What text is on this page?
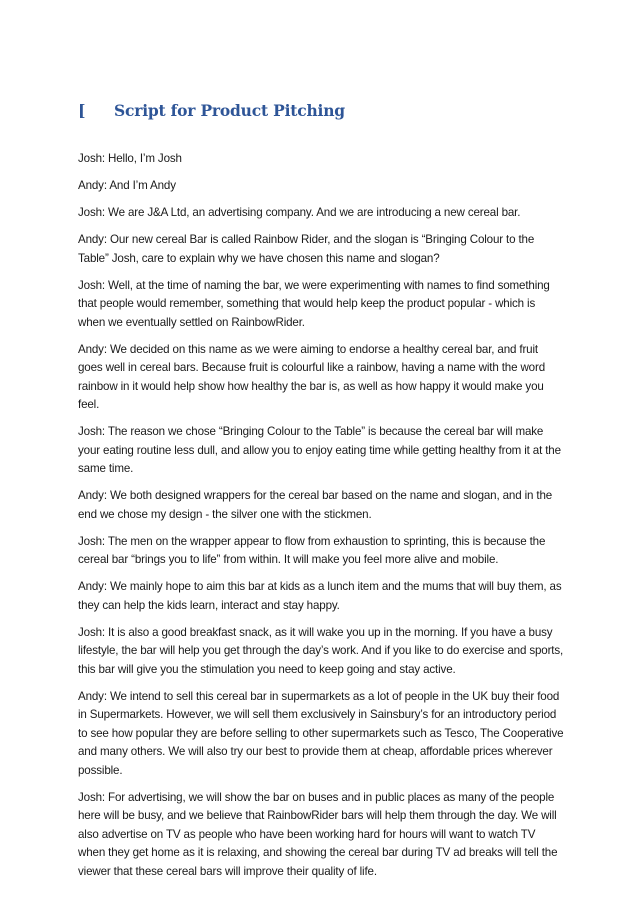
[	Script for Product Pitching

Josh: Hello, I’m Josh

Andy: And I’m Andy

Josh: We are J&A Ltd, an advertising company. And we are introducing a new cereal bar.

Andy: Our new cereal Bar is called Rainbow Rider, and the slogan is “Bringing Colour to the Table” Josh, care to explain why we have chosen this name and slogan?

Josh: Well, at the time of naming the bar, we were experimenting with names to find something that people would remember, something that would help keep the product popular - which is when we eventually settled on RainbowRider.

Andy: We decided on this name as we were aiming to endorse a healthy cereal bar, and fruit goes well in cereal bars. Because fruit is colourful like a rainbow, having a name with the word rainbow in it would help show how healthy the bar is, as well as how happy it would make you feel.

Josh: The reason we chose “Bringing Colour to the Table” is because the cereal bar will make your eating routine less dull, and allow you to enjoy eating time while getting healthy from it at the same time.

Andy: We both designed wrappers for the cereal bar based on the name and slogan, and in the end we chose my design - the silver one with the stickmen.

Josh: The men on the wrapper appear to flow from exhaustion to sprinting, this is because the cereal bar “brings you to life” from within. It will make you feel more alive and mobile.

Andy: We mainly hope to aim this bar at kids as a lunch item and the mums that will buy them, as they can help the kids learn, interact and stay happy.

Josh: It is also a good breakfast snack, as it will wake you up in the morning. If you have a busy lifestyle, the bar will help you get through the day’s work. And if you like to do exercise and sports, this bar will give you the stimulation you need to keep going and stay active.

Andy: We intend to sell this cereal bar in supermarkets as a lot of people in the UK buy their food in Supermarkets. However, we will sell them exclusively in Sainsbury’s for an introductory period to see how popular they are before selling to other supermarkets such as Tesco, The Cooperative and many others. We will also try our best to provide them at cheap, affordable prices wherever possible.

Josh: For advertising, we will show the bar on buses and in public places as many of the people here will be busy, and we believe that RainbowRider bars will help them through the day. We will also advertise on TV as people who have been working hard for hours will want to watch TV when they get home as it is relaxing, and showing the cereal bar during TV ad breaks will tell the viewer that these cereal bars will improve their quality of life.
